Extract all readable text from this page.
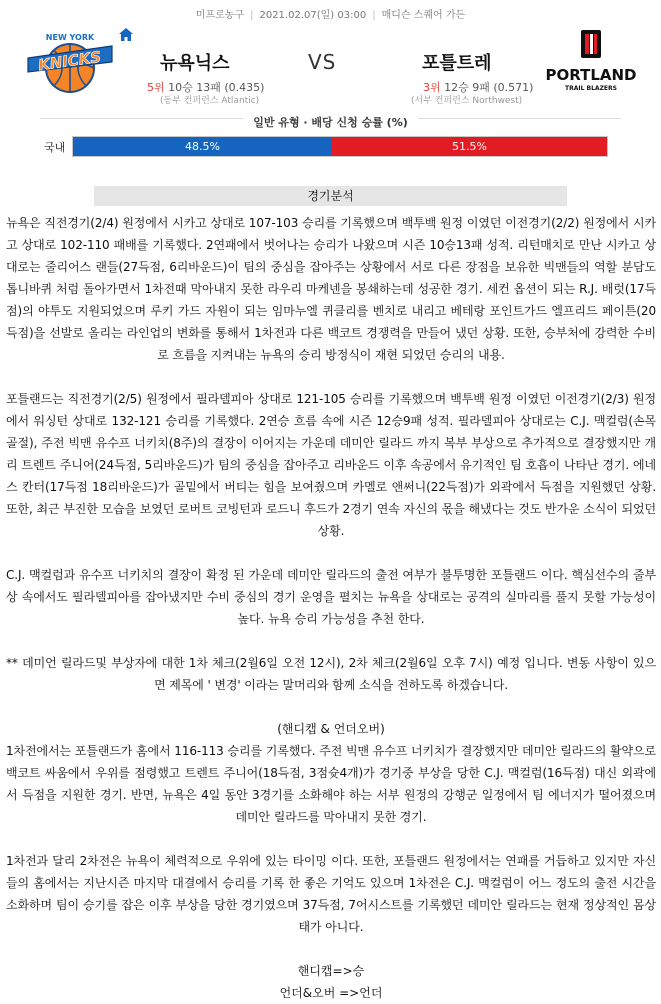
미프로농구 | 2021.02.07(일) 03:00 | 매디슨 스퀘어 가든
KNICKS
NEW YORK
뉴욕닉스	VS	포틀트레
5위 10승 13패 (0.435)	3위 12승 9패 (0.571)
(동부 컨퍼런스 Atlantic)	(서부 컨퍼런스 Northwest)
PORTLAND
TRAIL BLAZERS
일반 유형 · 배당 신청 승률 (%)
국내	48.5%	51.5%
경기분석

뉴욕은 직전경기(2/4) 원정에서 시카고 상대로 107-103 승리를 기록했으며 백투백 원정 이였던 이전경기(2/2) 원정에서 시카고 상대로 102-110 패배를 기록했다. 2연패에서 벗어나는 승리가 나왔으며 시즌 10승13패 성적. 리턴매치로 만난 시카고 상대로는 줄리어스 랜들(27득점, 6리바운드)이 팀의 중심을 잡아주는 상황에서 서로 다른 장점을 보유한 빅맨들의 역할 분담도 톱니바퀴 처럼 돌아가면서 1차전때 막아내지 못한 라우리 마케넨을 봉쇄하는데 성공한 경기. 세컨 옵션이 되는 R.J. 배럿(17득점)의 야투도 지원되었으며 루키 가드 자원이 되는 임마누엘 퀴클리를 벤치로 내리고 베테랑 포인트가드 엘프리드 페이튼(20득점)을 선발로 올리는 라인업의 변화를 통해서 1차전과 다른 백코트 경쟁력을 만들어 냈던 상황. 또한, 승부처에 강력한 수비로 흐름을 지켜내는 뉴욕의 승리 방정식이 재현 되었던 승리의 내용.

포틀랜드는 직전경기(2/5) 원정에서 필라델피아 상대로 121-105 승리를 기록했으며 백투백 원정 이였던 이전경기(2/3) 원정에서 워싱턴 상대로 132-121 승리를 기록했다. 2연승 흐름 속에 시즌 12승9패 성적. 필라델피아 상대로는 C.J. 맥컬럼(손목 골절), 주전 빅맨 유수프 너키치(8주)의 결장이 이어지는 가운데 데미안 릴라드 까지 복부 부상으로 추가적으로 결장했지만 개리 트렌트 주니어(24득점, 5리바운드)가 팀의 중심을 잡아주고 리바운드 이후 속공에서 유기적인 팀 호흡이 나타난 경기. 에네스 칸터(17득점 18리바운드)가 골밑에서 버티는 힘을 보여줬으며 카멜로 앤써니(22득점)가 외곽에서 득점을 지원했던 상황. 또한, 최근 부진한 모습을 보였던 로버트 코빙턴과 로드니 후드가 2경기 연속 자신의 몫을 해냈다는 것도 반가운 소식이 되었던 상황.

C.J. 맥컬럼과 유수프 너키치의 결장이 확정 된 가운데 데미안 릴라드의 출전 여부가 불투명한 포틀랜드 이다. 핵심선수의 줄부상 속에서도 필라델피아를 잡아냈지만 수비 중심의 경기 운영을 펼치는 뉴욕을 상대로는 공격의 실마리를 풀지 못할 가능성이 높다. 뉴욕 승리 가능성을 추천 한다.

** 데미언 릴라드및 부상자에 대한 1차 체크(2월6일 오전 12시), 2차 체크(2월6일 오후 7시) 예정 입니다. 변동 사항이 있으면 제목에 ' 변경' 이라는 말머리와 함께 소식을 전하도록 하겠습니다.

(핸디캡 & 언더오버)

1차전에서는 포틀랜드가 홈에서 116-113 승리를 기록했다. 주전 빅맨 유수프 너키치가 결장했지만 데미안 릴라드의 활약으로 백코트 싸움에서 우위를 점령했고 트렌트 주니어(18득점, 3점슛4개)가 경기중 부상을 당한 C.J. 맥컬럼(16득점) 대신 외곽에서 득점을 지원한 경기. 반면, 뉴욕은 4일 동안 3경기를 소화해야 하는 서부 원정의 강행군 일정에서 팀 에너지가 떨어졌으며 데미안 릴라드를 막아내지 못한 경기.

1차전과 달리 2차전은 뉴욕이 체력적으로 우위에 있는 타이밍 이다. 또한, 포틀랜드 원정에서는 연패를 거듭하고 있지만 자신들의 홈에서는 지난시즌 마지막 대결에서 승리를 기록 한 좋은 기억도 있으며 1차전은 C.J. 맥컬럼이 어느 정도의 출전 시간을 소화하며 팀이 승기를 잡은 이후 부상을 당한 경기였으며 37득점, 7어시스트를 기록했던 데미안 릴라드는 현재 정상적인 몸상태가 아니다.

핸디캡=>승

언더&오버 =>언더
